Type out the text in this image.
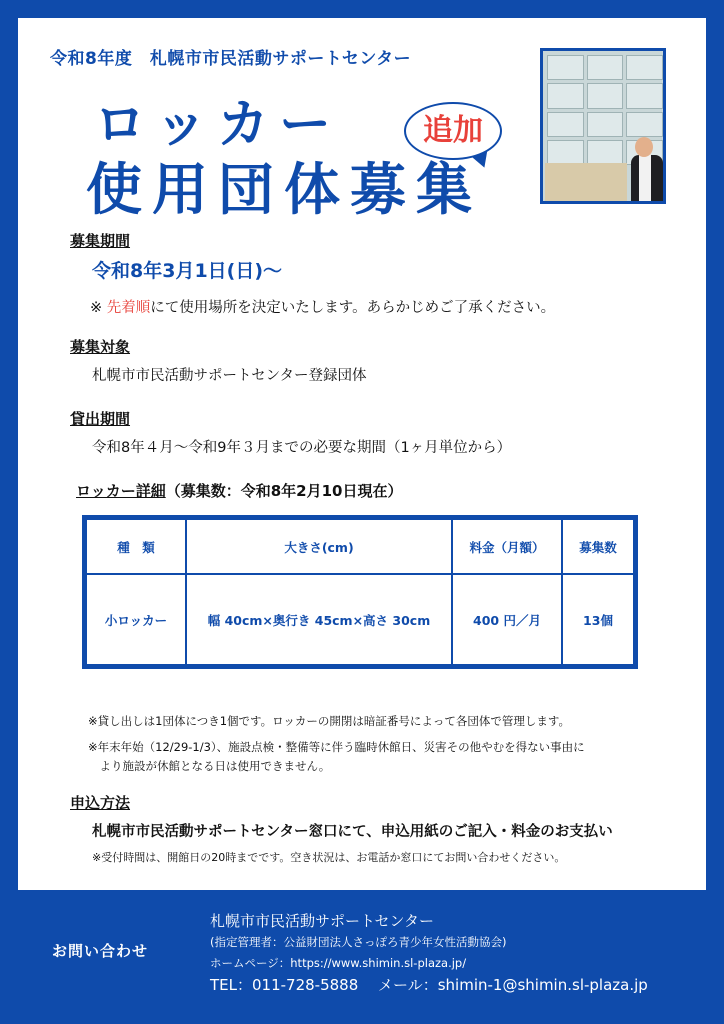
令和8年度　札幌市市民活動サポートセンター
ロッカー	追加
使用団体募集
募集期間
令和8年3月1日(日)～
※ 先着順にて使用場所を決定いたします。あらかじめご了承ください。
募集対象
札幌市市民活動サポートセンター登録団体
貸出期間
令和8年４月～令和9年３月までの必要な期間（1ヶ月単位から）
ロッカー詳細（募集数：令和8年2月10日現在）
種　類	大きさ(cm)	料金（月額）	募集数
小ロッカー	幅 40cm×奥行き 45cm×高さ 30cm	400 円／月	13個
※貸し出しは1団体につき1個です。ロッカーの開閉は暗証番号によって各団体で管理します。
※年末年始（12/29-1/3）、施設点検・整備等に伴う臨時休館日、災害その他やむを得ない事由に
　より施設が休館となる日は使用できません。
申込方法
札幌市市民活動サポートセンター窓口にて、申込用紙のご記入・料金のお支払い
※受付時間は、開館日の20時までです。空き状況は、お電話か窓口にてお問い合わせください。
お問い合わせ
札幌市市民活動サポートセンター
(指定管理者：公益財団法人さっぽろ青少年女性活動協会)
ホームページ：https://www.shimin.sl-plaza.jp/
TEL：011-728-5888　 メール：shimin-1@shimin.sl-plaza.jp
